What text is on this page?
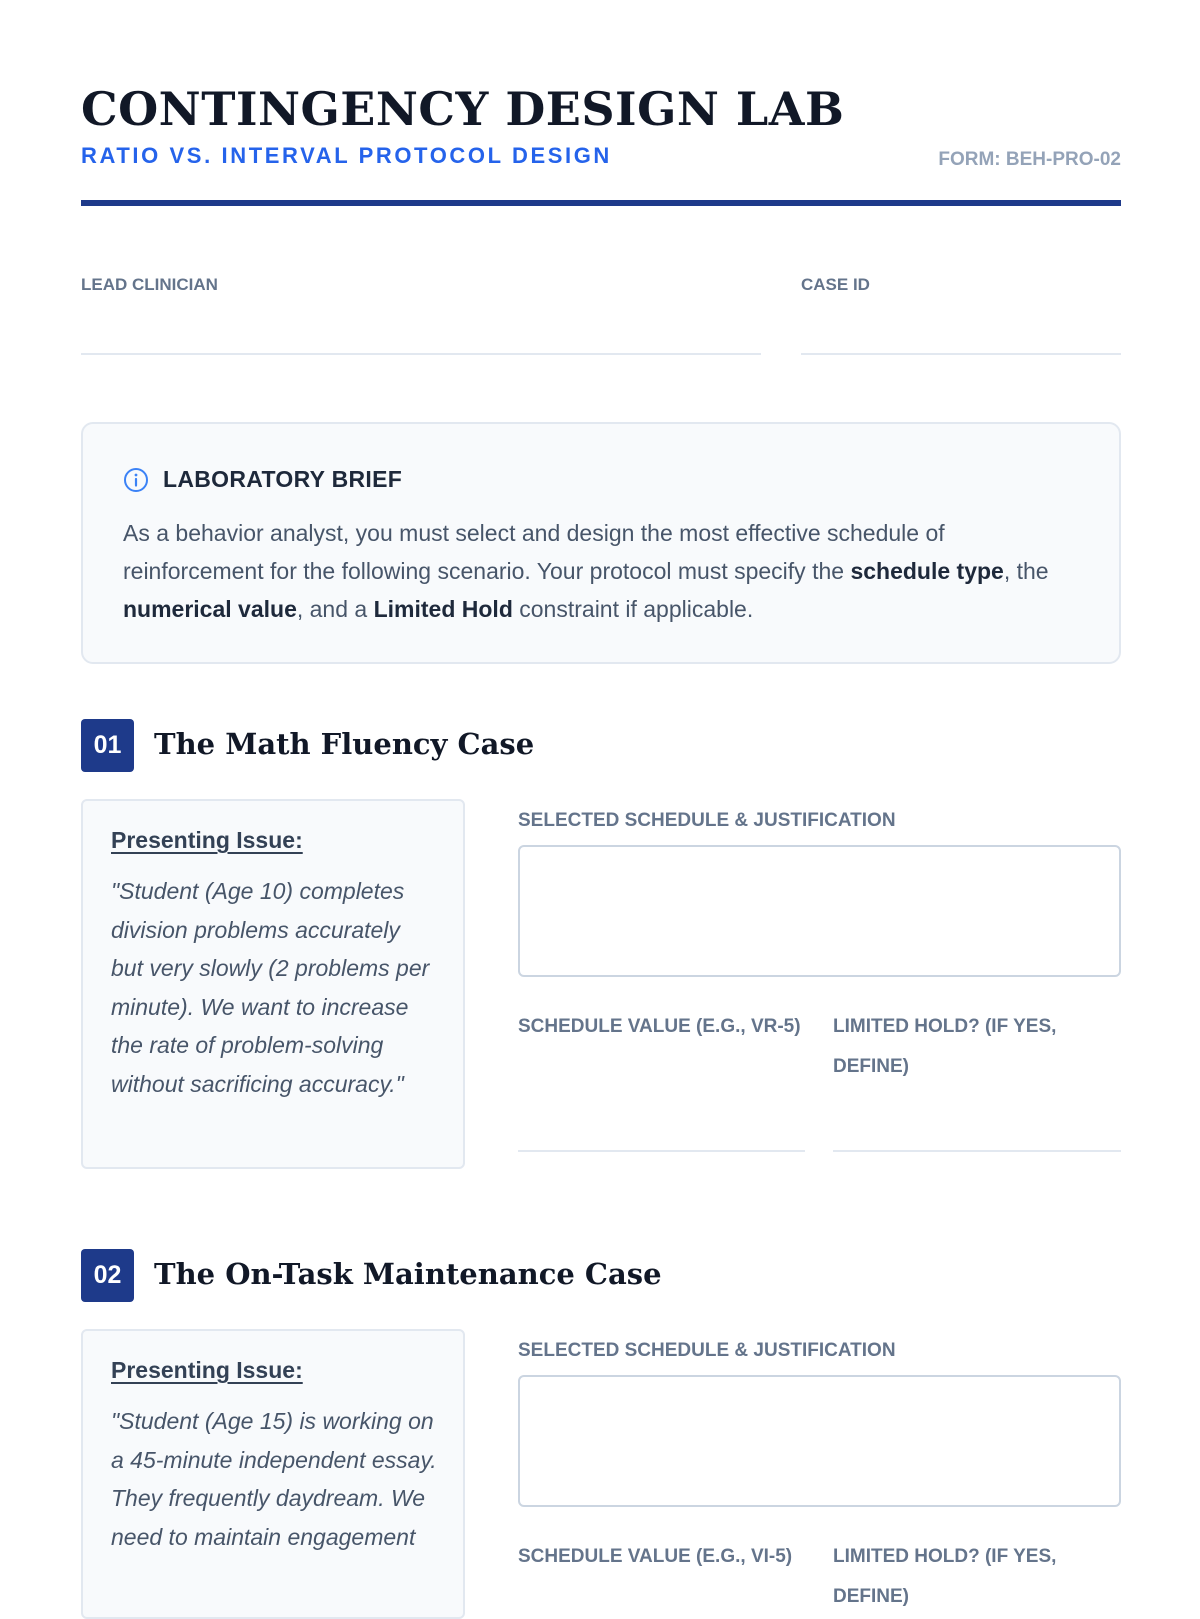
CONTINGENCY DESIGN LAB
RATIO VS. INTERVAL PROTOCOL DESIGN	FORM: BEH-PRO-02
LEAD CLINICIAN	CASE ID
LABORATORY BRIEF
As a behavior analyst, you must select and design the most effective schedule of reinforcement for the following scenario. Your protocol must specify the schedule type, the numerical value, and a Limited Hold constraint if applicable.
01	The Math Fluency Case
Presenting Issue:
"Student (Age 10) completes division problems accurately but very slowly (2 problems per minute). We want to increase the rate of problem-solving without sacrificing accuracy."
SELECTED SCHEDULE & JUSTIFICATION
SCHEDULE VALUE (E.G., VR-5)	LIMITED HOLD? (IF YES, DEFINE)
02	The On-Task Maintenance Case
Presenting Issue:
"Student (Age 15) is working on a 45-minute independent essay. They frequently daydream. We need to maintain engagement
SELECTED SCHEDULE & JUSTIFICATION
SCHEDULE VALUE (E.G., VI-5)	LIMITED HOLD? (IF YES, DEFINE)
